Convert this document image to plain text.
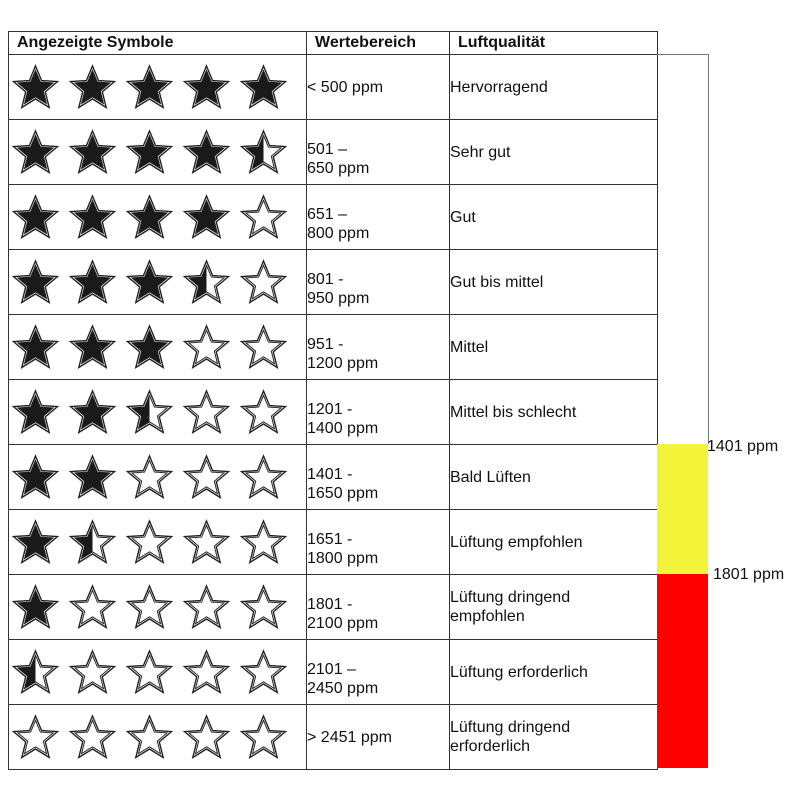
Angezeigte Symbole	Wertebereich	Luftqualität

< 500 ppm	Hervorragend

501 –
650 ppm	Sehr gut

651 –
800 ppm	Gut

801 -
950 ppm	Gut bis mittel

951 -
1200 ppm	Mittel

1201 -
1400 ppm	Mittel bis schlecht

1401 -
1650 ppm	Bald Lüften

1651 -
1800 ppm	Lüftung empfohlen

1801 -
2100 ppm	Lüftung dringend empfohlen

2101 –
2450 ppm	Lüftung erforderlich

> 2451 ppm	Lüftung dringend erforderlich
1401 ppm
1801 ppm
